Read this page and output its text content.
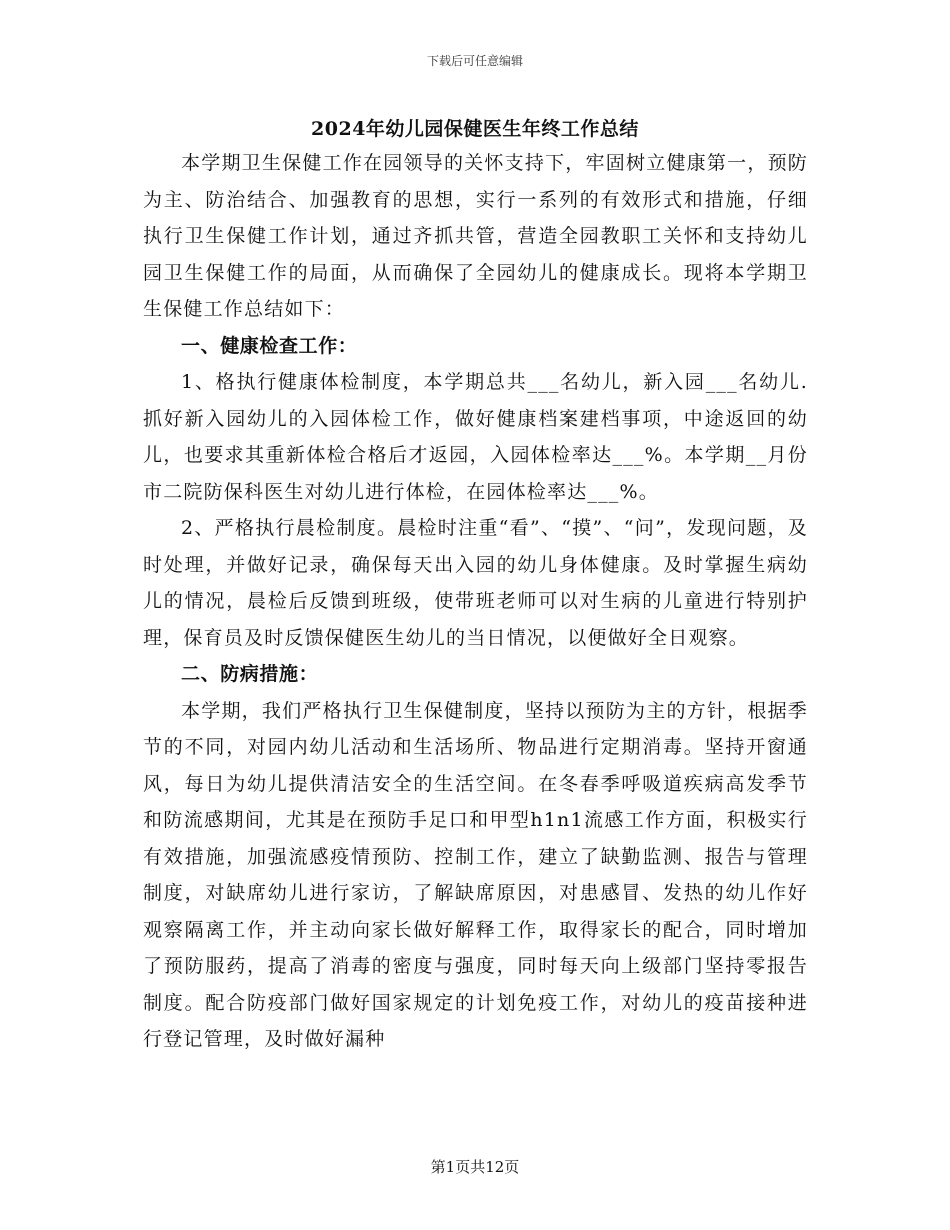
下载后可任意编辑
2024年幼儿园保健医生年终工作总结

本学期卫生保健工作在园领导的关怀支持下，牢固树立健康第一，预防为主、防治结合、加强教育的思想，实行一系列的有效形式和措施，仔细执行卫生保健工作计划，通过齐抓共管，营造全园教职工关怀和支持幼儿园卫生保健工作的局面，从而确保了全园幼儿的健康成长。现将本学期卫生保健工作总结如下：

一、健康检查工作：

1、格执行健康体检制度，本学期总共___名幼儿，新入园___名幼儿.抓好新入园幼儿的入园体检工作，做好健康档案建档事项，中途返回的幼儿，也要求其重新体检合格后才返园，入园体检率达___%。本学期__月份市二院防保科医生对幼儿进行体检，在园体检率达___%。

2、严格执行晨检制度。晨检时注重“看”、“摸”、“问”，发现问题，及时处理，并做好记录，确保每天出入园的幼儿身体健康。及时掌握生病幼儿的情况，晨检后反馈到班级，使带班老师可以对生病的儿童进行特别护理，保育员及时反馈保健医生幼儿的当日情况，以便做好全日观察。

二、防病措施：

本学期，我们严格执行卫生保健制度，坚持以预防为主的方针，根据季节的不同，对园内幼儿活动和生活场所、物品进行定期消毒。坚持开窗通风，每日为幼儿提供清洁安全的生活空间。在冬春季呼吸道疾病高发季节和防流感期间，尤其是在预防手足口和甲型h1n1流感工作方面，积极实行有效措施，加强流感疫情预防、控制工作，建立了缺勤监测、报告与管理制度，对缺席幼儿进行家访，了解缺席原因，对患感冒、发热的幼儿作好观察隔离工作，并主动向家长做好解释工作，取得家长的配合，同时增加了预防服药，提高了消毒的密度与强度，同时每天向上级部门坚持零报告制度。配合防疫部门做好国家规定的计划免疫工作，对幼儿的疫苗接种进行登记管理，及时做好漏种

第1页共12页
